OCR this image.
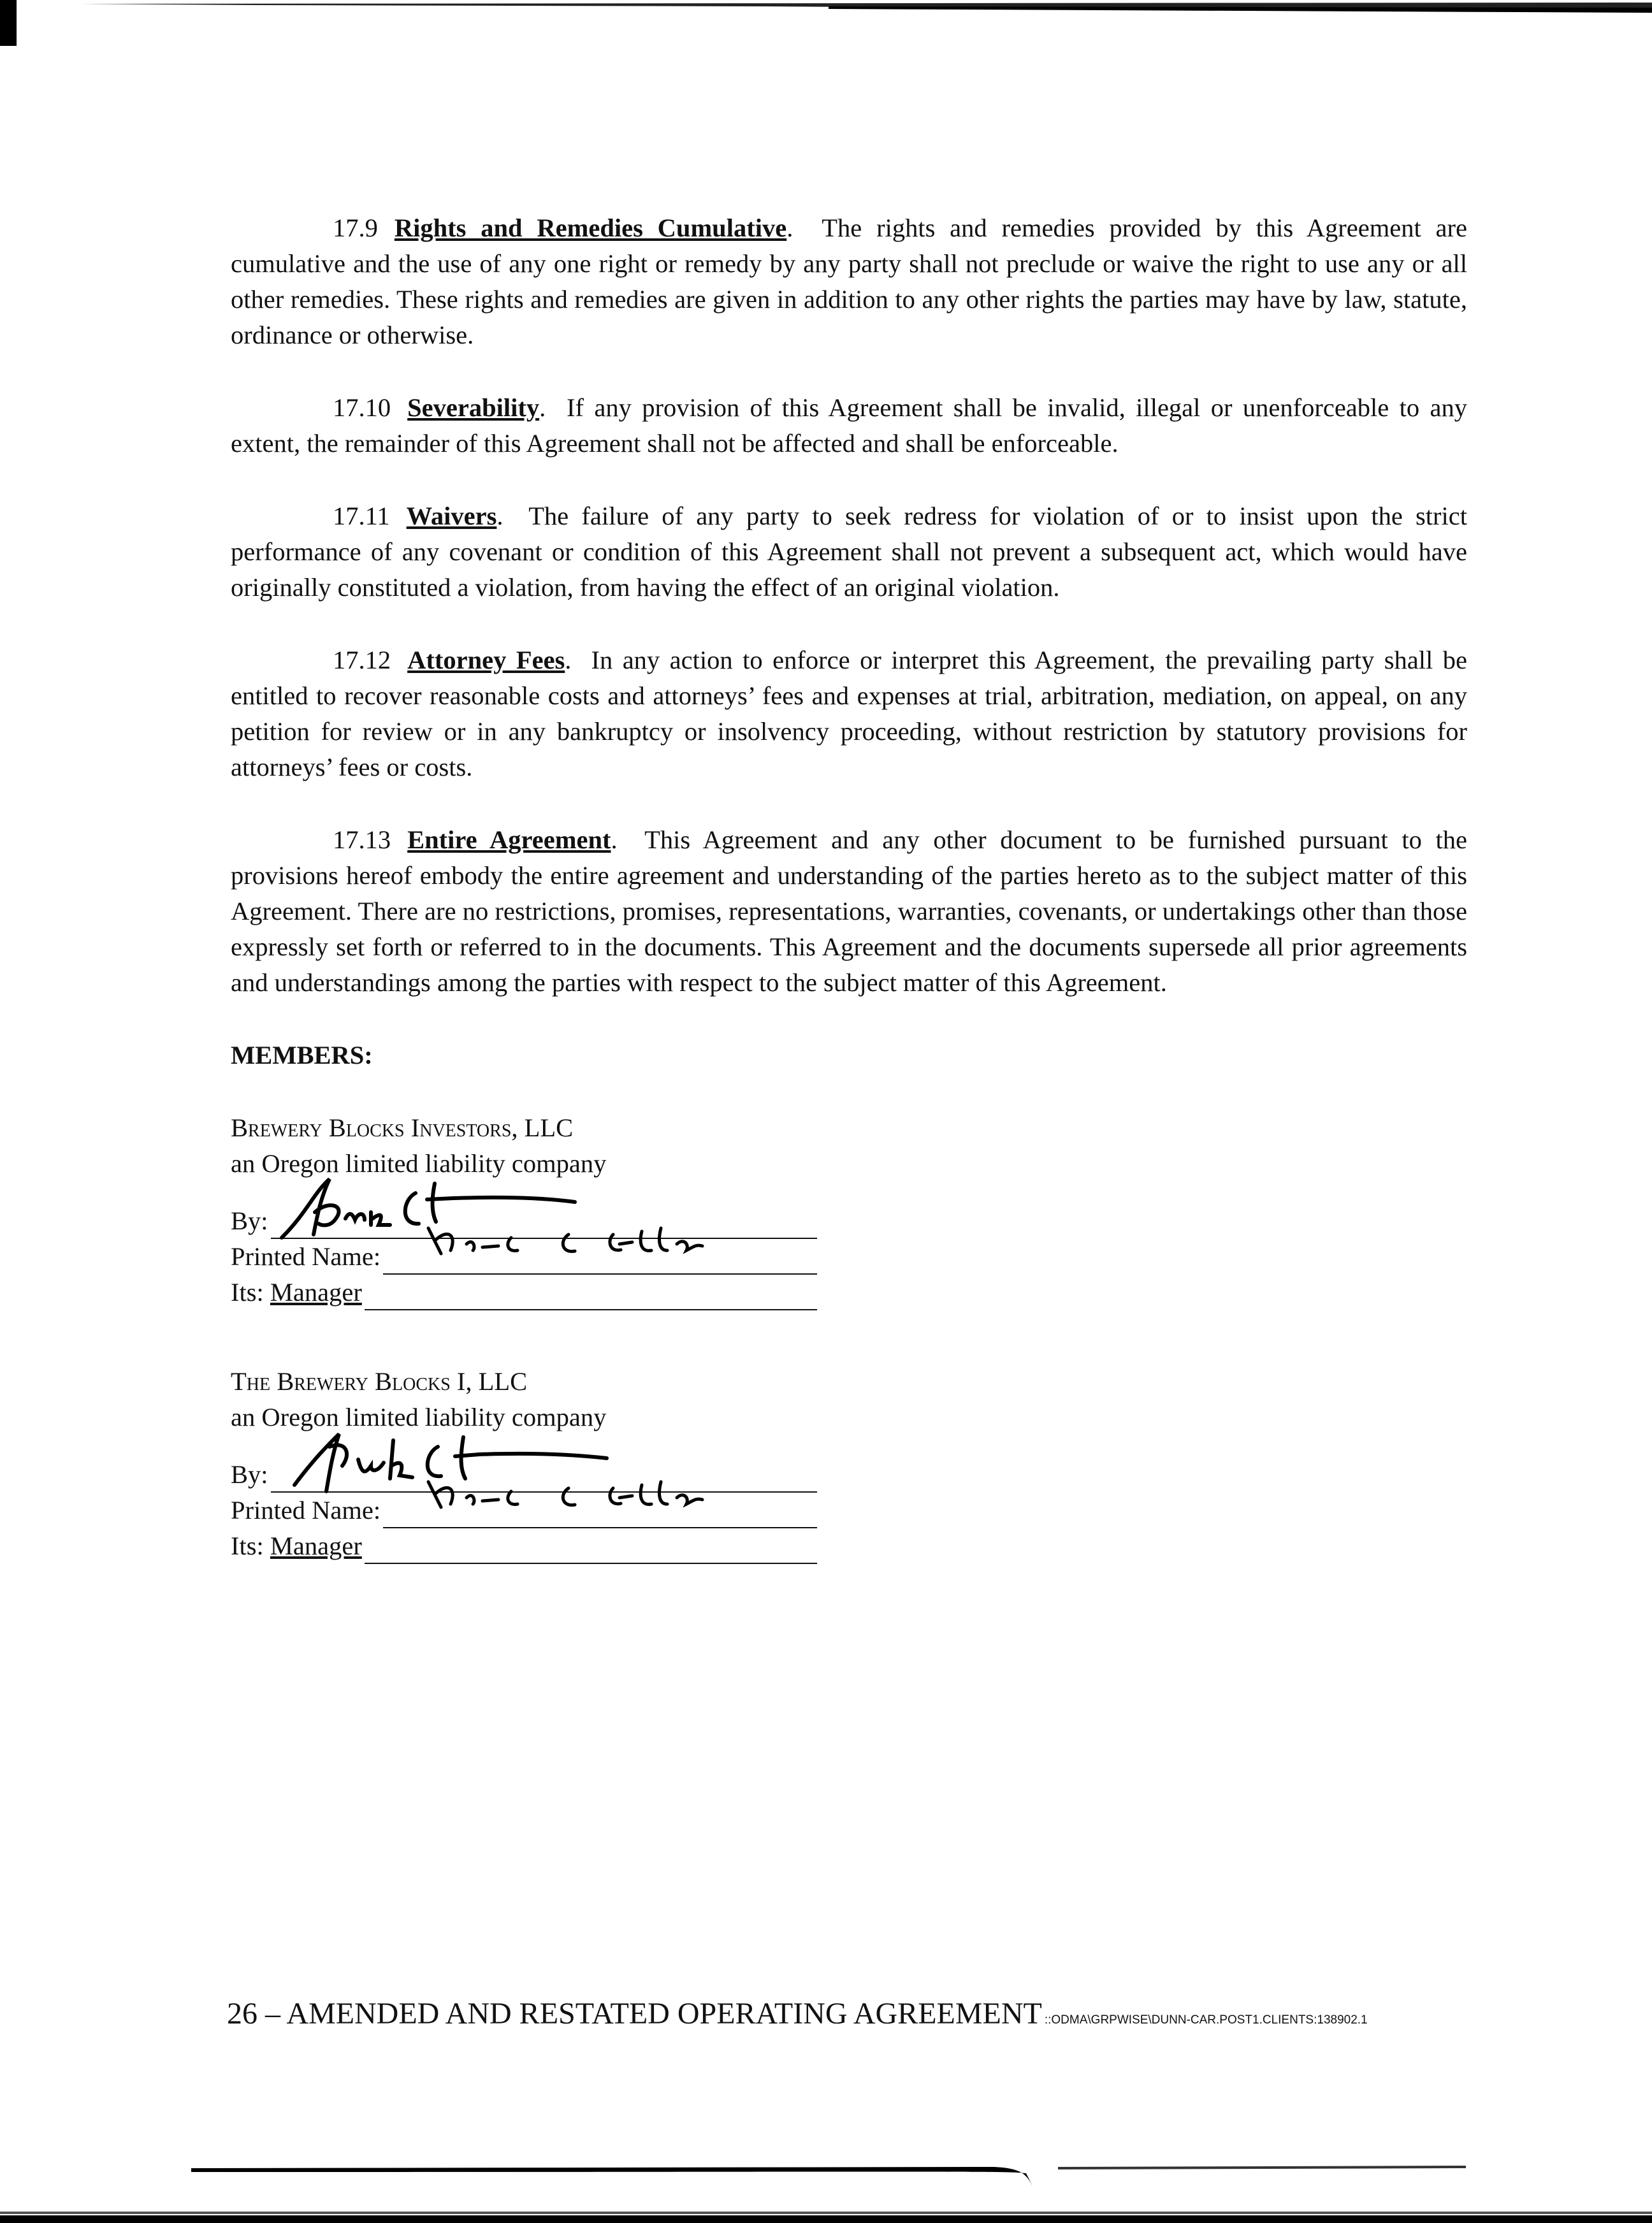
17.9 Rights and Remedies Cumulative.  The rights and remedies provided by this Agreement are cumulative and the use of any one right or remedy by any party shall not preclude or waive the right to use any or all other remedies. These rights and remedies are given in addition to any other rights the parties may have by law, statute, ordinance or otherwise.

17.10 Severability.  If any provision of this Agreement shall be invalid, illegal or unenforceable to any extent, the remainder of this Agreement shall not be affected and shall be enforceable.

17.11 Waivers.  The failure of any party to seek redress for violation of or to insist upon the strict performance of any covenant or condition of this Agreement shall not prevent a subsequent act, which would have originally constituted a violation, from having the effect of an original violation.

17.12 Attorney Fees.  In any action to enforce or interpret this Agreement, the prevailing party shall be entitled to recover reasonable costs and attorneys’ fees and expenses at trial, arbitration, mediation, on appeal, on any petition for review or in any bankruptcy or insolvency proceeding, without restriction by statutory provisions for attorneys’ fees or costs.

17.13 Entire Agreement.  This Agreement and any other document to be furnished pursuant to the provisions hereof embody the entire agreement and understanding of the parties hereto as to the subject matter of this Agreement. There are no restrictions, promises, representations, warranties, covenants, or undertakings other than those expressly set forth or referred to in the documents. This Agreement and the documents supersede all prior agreements and understandings among the parties with respect to the subject matter of this Agreement.

MEMBERS:
Brewery Blocks Investors, LLC
an Oregon limited liability company
By:
Printed Name:
Its:
Manager
The Brewery Blocks I, LLC
an Oregon limited liability company
By:
Printed Name:
Its:
Manager
26 – AMENDED AND RESTATED OPERATING AGREEMENT ::ODMA\GRPWISE\DUNN-CAR.POST1.CLIENTS:138902.1
